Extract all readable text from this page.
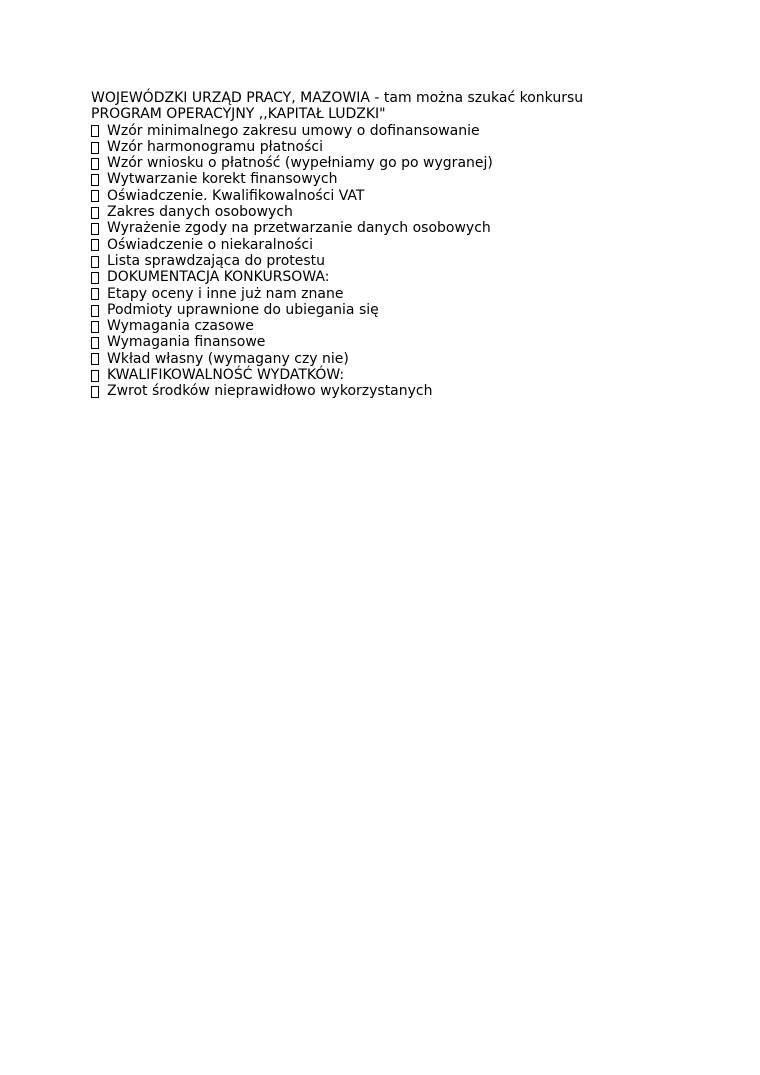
WOJEWÓDZKI URZĄD PRACY, MAZOWIA - tam można szukać konkursu

PROGRAM OPERACYJNY ,,KAPITAŁ LUDZKI"

Wzór minimalnego zakresu umowy o dofinansowanie
Wzór harmonogramu płatności
Wzór wniosku o płatność (wypełniamy go po wygranej)
Wytwarzanie korekt finansowych
Oświadczenie. Kwalifikowalności VAT
Zakres danych osobowych
Wyrażenie zgody na przetwarzanie danych osobowych
Oświadczenie o niekaralności
Lista sprawdzająca do protestu
DOKUMENTACJA KONKURSOWA:
Etapy oceny i inne już nam znane
Podmioty uprawnione do ubiegania się
Wymagania czasowe
Wymagania finansowe
Wkład własny (wymagany czy nie)
KWALIFIKOWALNOŚĆ WYDATKÓW:
Zwrot środków nieprawidłowo wykorzystanych
